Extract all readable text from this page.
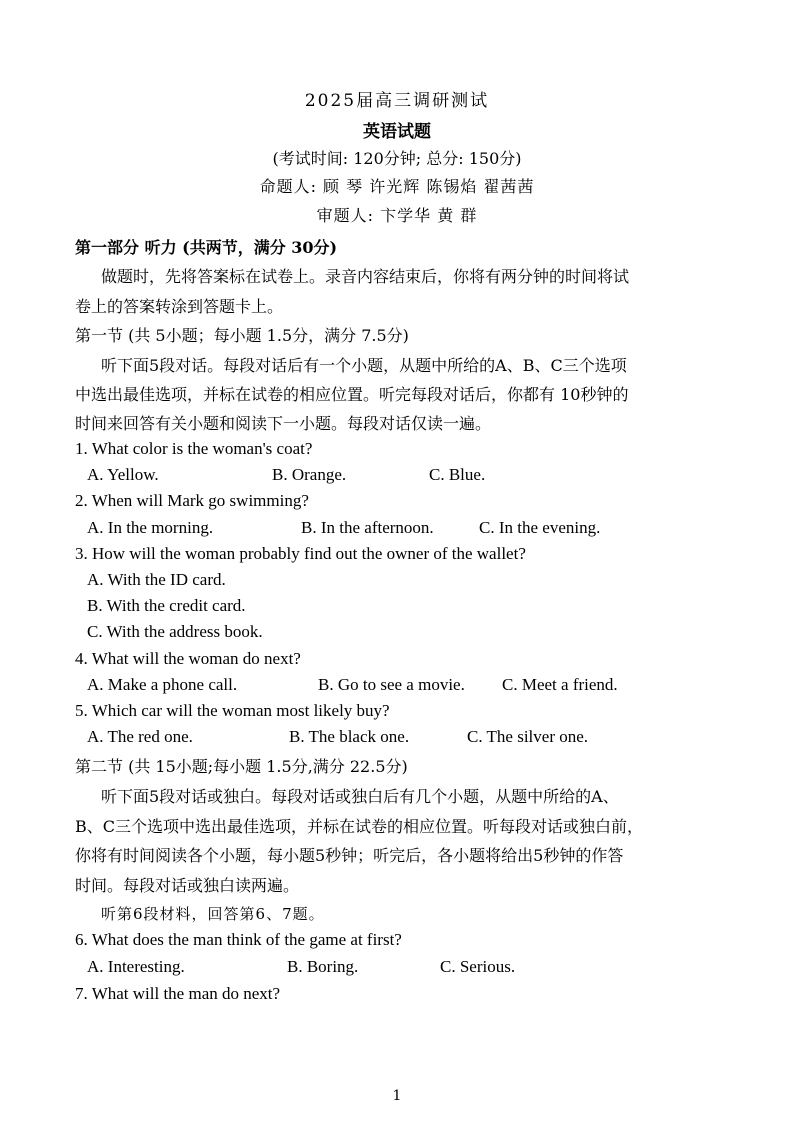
2025届高三调研测试
英语试题
(考试时间: 120分钟; 总分: 150分)
命题人: 顾 琴 许光辉 陈锡焰 翟茜茜
审题人: 卞学华 黄 群
第一部分 听力 (共两节，满分 30分)
做题时，先将答案标在试卷上。录音内容结束后，你将有两分钟的时间将试
卷上的答案转涂到答题卡上。
第一节 (共 5小题；每小题 1.5分，满分 7.5分)
听下面5段对话。每段对话后有一个小题，从题中所给的A、B、C三个选项
中选出最佳选项，并标在试卷的相应位置。听完每段对话后，你都有 10秒钟的
时间来回答有关小题和阅读下一小题。每段对话仅读一遍。
1. What color is the woman's coat?
A. Yellow.	B. Orange.	C. Blue.
2. When will Mark go swimming?
A. In the morning.	B. In the afternoon.	C. In the evening.
3. How will the woman probably find out the owner of the wallet?
A. With the ID card.
B. With the credit card.
C. With the address book.
4. What will the woman do next?
A. Make a phone call.	B. Go to see a movie. C. Meet a friend.
5. Which car will the woman most likely buy?
A. The red one.	B. The black one.	C. The silver one.
第二节 (共 15小题;每小题 1.5分,满分 22.5分)
听下面5段对话或独白。每段对话或独白后有几个小题，从题中所给的A、
B、C三个选项中选出最佳选项，并标在试卷的相应位置。听每段对话或独白前，
你将有时间阅读各个小题，每小题5秒钟；听完后，各小题将给出5秒钟的作答
时间。每段对话或独白读两遍。
听第6段材料，回答第6、7题。
6. What does the man think of the game at first?
A. Interesting.	B. Boring.	C. Serious.
7. What will the man do next?
1
